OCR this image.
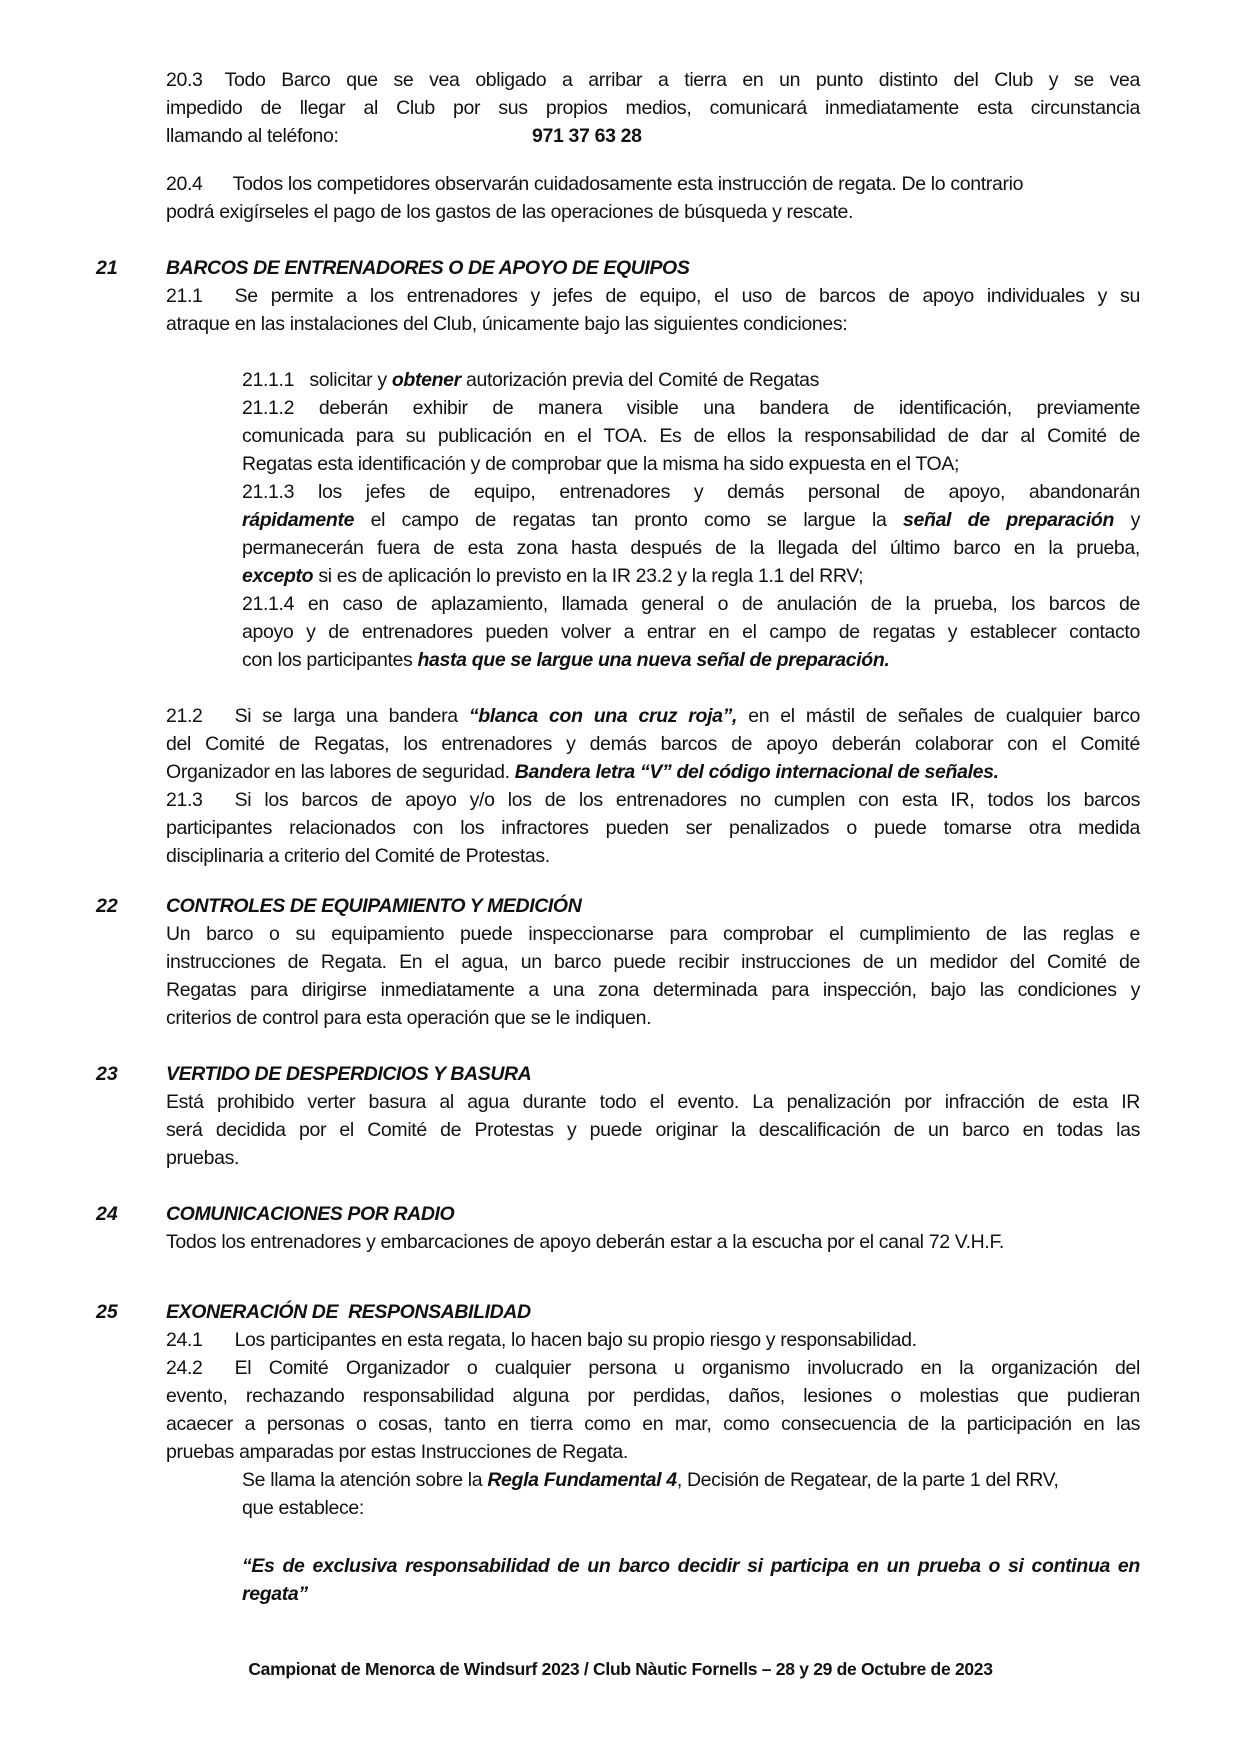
20.3 Todo Barco que se vea obligado a arribar a tierra en un punto distinto del Club y se vea
impedido de llegar al Club por sus propios medios, comunicará inmediatamente esta circunstancia
llamando al teléfono:	971 37 63 28
20.4 Todos los competidores observarán cuidadosamente esta instrucción de regata. De lo contrario
podrá exigírseles el pago de los gastos de las operaciones de búsqueda y rescate.
21 BARCOS DE ENTRENADORES O DE APOYO DE EQUIPOS
21.1 Se permite a los entrenadores y jefes de equipo, el uso de barcos de apoyo individuales y su
atraque en las instalaciones del Club, únicamente bajo las siguientes condiciones:
21.1.1 solicitar y obtener autorización previa del Comité de Regatas
21.1.2 deberán exhibir de manera visible una bandera de identificación, previamente
comunicada para su publicación en el TOA. Es de ellos la responsabilidad de dar al Comité de
Regatas esta identificación y de comprobar que la misma ha sido expuesta en el TOA;
21.1.3 los jefes de equipo, entrenadores y demás personal de apoyo, abandonarán
rápidamente el campo de regatas tan pronto como se largue la señal de preparación y
permanecerán fuera de esta zona hasta después de la llegada del último barco en la prueba,
excepto si es de aplicación lo previsto en la IR 23.2 y la regla 1.1 del RRV;
21.1.4 en caso de aplazamiento, llamada general o de anulación de la prueba, los barcos de
apoyo y de entrenadores pueden volver a entrar en el campo de regatas y establecer contacto
con los participantes hasta que se largue una nueva señal de preparación.
21.2 Si se larga una bandera “blanca con una cruz roja”, en el mástil de señales de cualquier barco
del Comité de Regatas, los entrenadores y demás barcos de apoyo deberán colaborar con el Comité
Organizador en las labores de seguridad. Bandera letra “V” del código internacional de señales.
21.3 Si los barcos de apoyo y/o los de los entrenadores no cumplen con esta IR, todos los barcos
participantes relacionados con los infractores pueden ser penalizados o puede tomarse otra medida
disciplinaria a criterio del Comité de Protestas.
22 CONTROLES DE EQUIPAMIENTO Y MEDICIÓN
Un barco o su equipamiento puede inspeccionarse para comprobar el cumplimiento de las reglas e
instrucciones de Regata. En el agua, un barco puede recibir instrucciones de un medidor del Comité de
Regatas para dirigirse inmediatamente a una zona determinada para inspección, bajo las condiciones y
criterios de control para esta operación que se le indiquen.
23 VERTIDO DE DESPERDICIOS Y BASURA
Está prohibido verter basura al agua durante todo el evento. La penalización por infracción de esta IR
será decidida por el Comité de Protestas y puede originar la descalificación de un barco en todas las
pruebas.
24 COMUNICACIONES POR RADIO
Todos los entrenadores y embarcaciones de apoyo deberán estar a la escucha por el canal 72 V.H.F.
25 EXONERACIÓN DE  RESPONSABILIDAD
24.1 Los participantes en esta regata, lo hacen bajo su propio riesgo y responsabilidad.
24.2 El Comité Organizador o cualquier persona u organismo involucrado en la organización del
evento, rechazando responsabilidad alguna por perdidas, daños, lesiones o molestias que pudieran
acaecer a personas o cosas, tanto en tierra como en mar, como consecuencia de la participación en las
pruebas amparadas por estas Instrucciones de Regata.
Se llama la atención sobre la Regla Fundamental 4, Decisión de Regatear, de la parte 1 del RRV,
que establece:
“Es de exclusiva responsabilidad de un barco decidir si participa en un prueba o si continua en
regata”
Campionat de Menorca de Windsurf 2023 / Club Nàutic Fornells – 28 y 29 de Octubre de 2023
